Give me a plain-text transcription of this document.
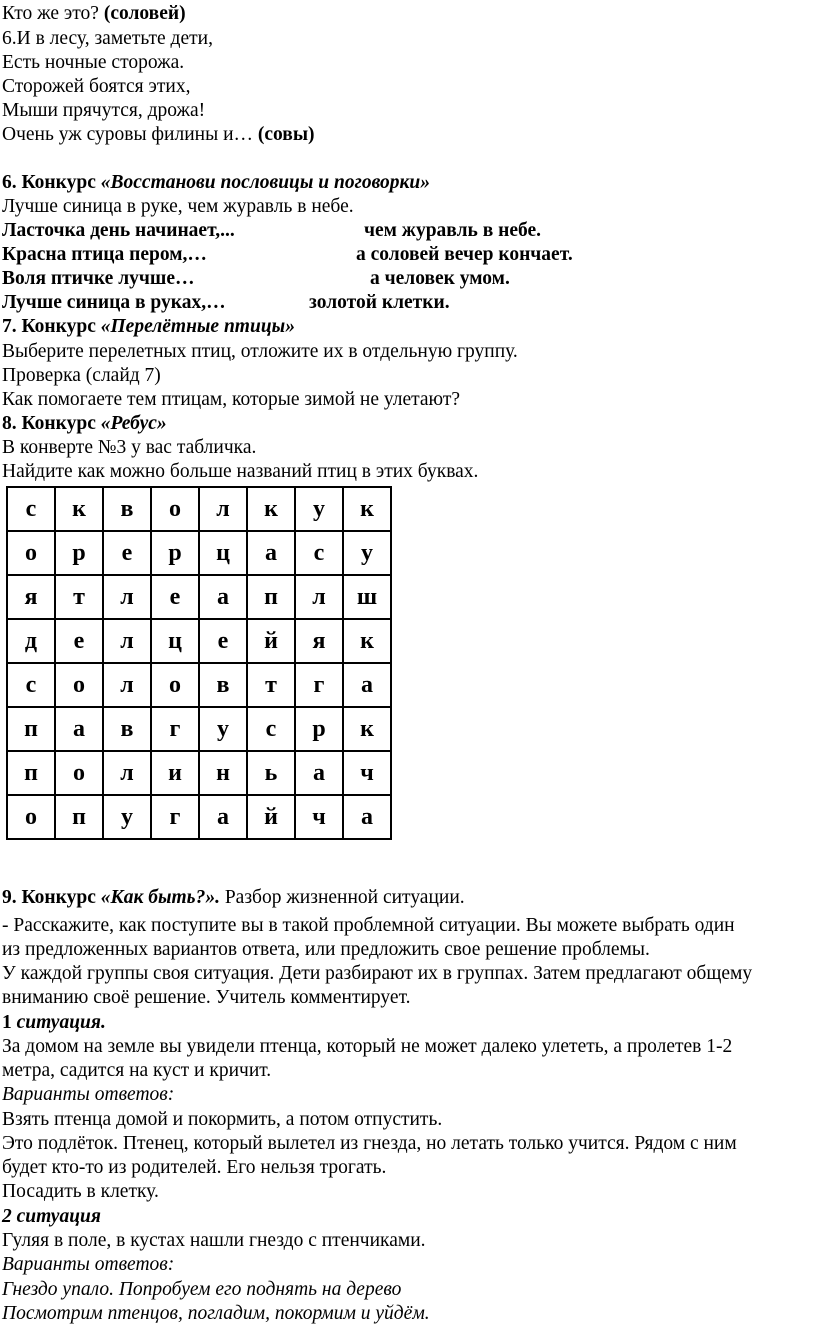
Кто же это? (соловей)
6.И в лесу, заметьте дети,
Есть ночные сторожа.
Сторожей боятся этих,
Мыши прячутся, дрожа!
Очень уж суровы филины и… (совы)
6. Конкурс «Восстанови пословицы и поговорки»
Лучше синица в руке, чем журавль в небе.
Ласточка день начинает,...	чем журавль в небе.
Красна птица пером,…	а соловей вечер кончает.
Воля птичке лучше…	а человек умом.
Лучше синица в руках,…	золотой клетки.
7. Конкурс «Перелётные птицы»
Выберите перелетных птиц, отложите их в отдельную группу.
Проверка (слайд 7)
Как помогаете тем птицам, которые зимой не улетают?
8. Конкурс «Ребус»
В конверте №3 у вас табличка.
Найдите как можно больше названий птиц в этих буквах.
с	к	в	о	л	к	у	к
о	р	е	р	ц	а	с	у
я	т	л	е	а	п	л	ш
д	е	л	ц	е	й	я	к
с	о	л	о	в	т	г	а
п	а	в	г	у	с	р	к
п	о	л	и	н	ь	а	ч
о	п	у	г	а	й	ч	а
9. Конкурс «Как быть?». Разбор жизненной ситуации.
- Расскажите, как поступите вы в такой проблемной ситуации. Вы можете выбрать один
из предложенных вариантов ответа, или предложить свое решение проблемы.
У каждой группы своя ситуация. Дети разбирают их в группах. Затем предлагают общему
вниманию своё решение. Учитель комментирует.
1 ситуация.
За домом на земле вы увидели птенца, который не может далеко улететь, а пролетев 1-2
метра, садится на куст и кричит.
Варианты ответов:
Взять птенца домой и покормить, а потом отпустить.
Это подлёток. Птенец, который вылетел из гнезда, но летать только учится. Рядом с ним
будет кто-то из родителей. Его нельзя трогать.
Посадить в клетку.
2 ситуация
Гуляя в поле, в кустах нашли гнездо с птенчиками.
Варианты ответов:
Гнездо упало. Попробуем его поднять на дерево
Посмотрим птенцов, погладим, покормим и уйдём.
